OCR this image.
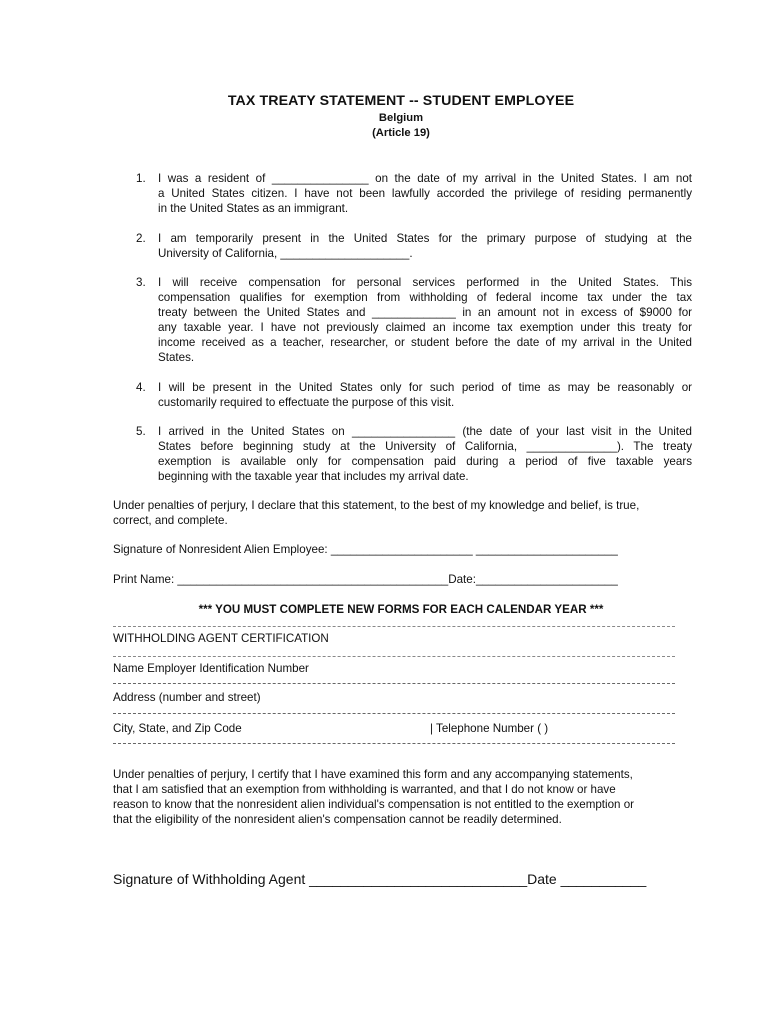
TAX TREATY STATEMENT -- STUDENT EMPLOYEE
Belgium
(Article 19)
1. I was a resident of _______________ on the date of my arrival in the United States. I am not
a United States citizen. I have not been lawfully accorded the privilege of residing permanently
in the United States as an immigrant.
2. I am temporarily present in the United States for the primary purpose of studying at the
University of California, ____________________.
3. I will receive compensation for personal services performed in the United States. This
compensation qualifies for exemption from withholding of federal income tax under the tax
treaty between the United States and _____________ in an amount not in excess of $9000 for
any taxable year. I have not previously claimed an income tax exemption under this treaty for
income received as a teacher, researcher, or student before the date of my arrival in the United
States.
4. I will be present in the United States only for such period of time as may be reasonably or
customarily required to effectuate the purpose of this visit.
5. I arrived in the United States on ________________ (the date of your last visit in the United
States before beginning study at the University of California, ______________). The treaty
exemption is available only for compensation paid during a period of five taxable years
beginning with the taxable year that includes my arrival date.
Under penalties of perjury, I declare that this statement, to the best of my knowledge and belief, is true,
correct, and complete.
Signature of Nonresident Alien Employee: ______________________ ______________________
Print Name: __________________________________________Date:______________________
*** YOU MUST COMPLETE NEW FORMS FOR EACH CALENDAR YEAR ***
WITHHOLDING AGENT CERTIFICATION
Name Employer Identification Number
Address (number and street)
City, State, and Zip Code	| Telephone Number ( )
Under penalties of perjury, I certify that I have examined this form and any accompanying statements,
that I am satisfied that an exemption from withholding is warranted, and that I do not know or have
reason to know that the nonresident alien individual's compensation is not entitled to the exemption or
that the eligibility of the nonresident alien's compensation cannot be readily determined.
Signature of Withholding Agent ____________________________Date ___________
